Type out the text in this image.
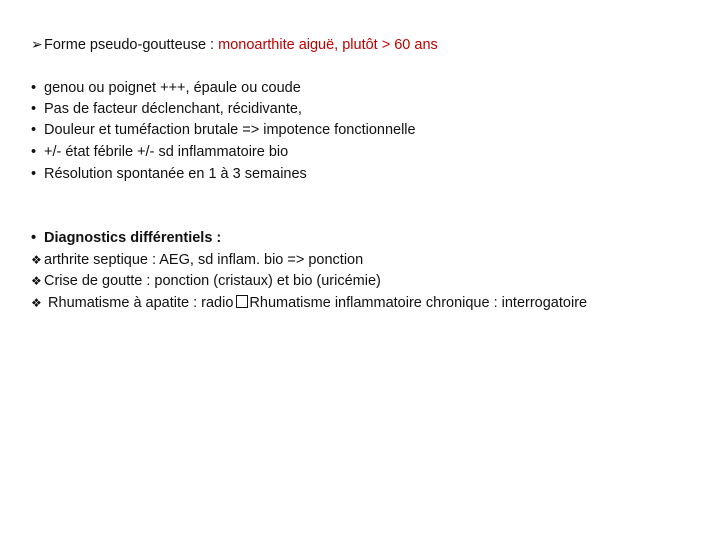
➢Forme pseudo-goutteuse : monoarthite aiguë, plutôt > 60 ans
• genou ou poignet +++, épaule ou coude
• Pas de facteur déclenchant, récidivante,
• Douleur et tuméfaction brutale => impotence fonctionnelle
• +/- état fébrile +/- sd inflammatoire bio
• Résolution spontanée en 1 à 3 semaines
• Diagnostics différentiels :
❖ arthrite septique : AEG, sd inflam. bio => ponction
❖ Crise de goutte : ponction (cristaux) et bio (uricémie)
❖ Rhumatisme à apatite : radio Rhumatisme inflammatoire chronique : interrogatoire
